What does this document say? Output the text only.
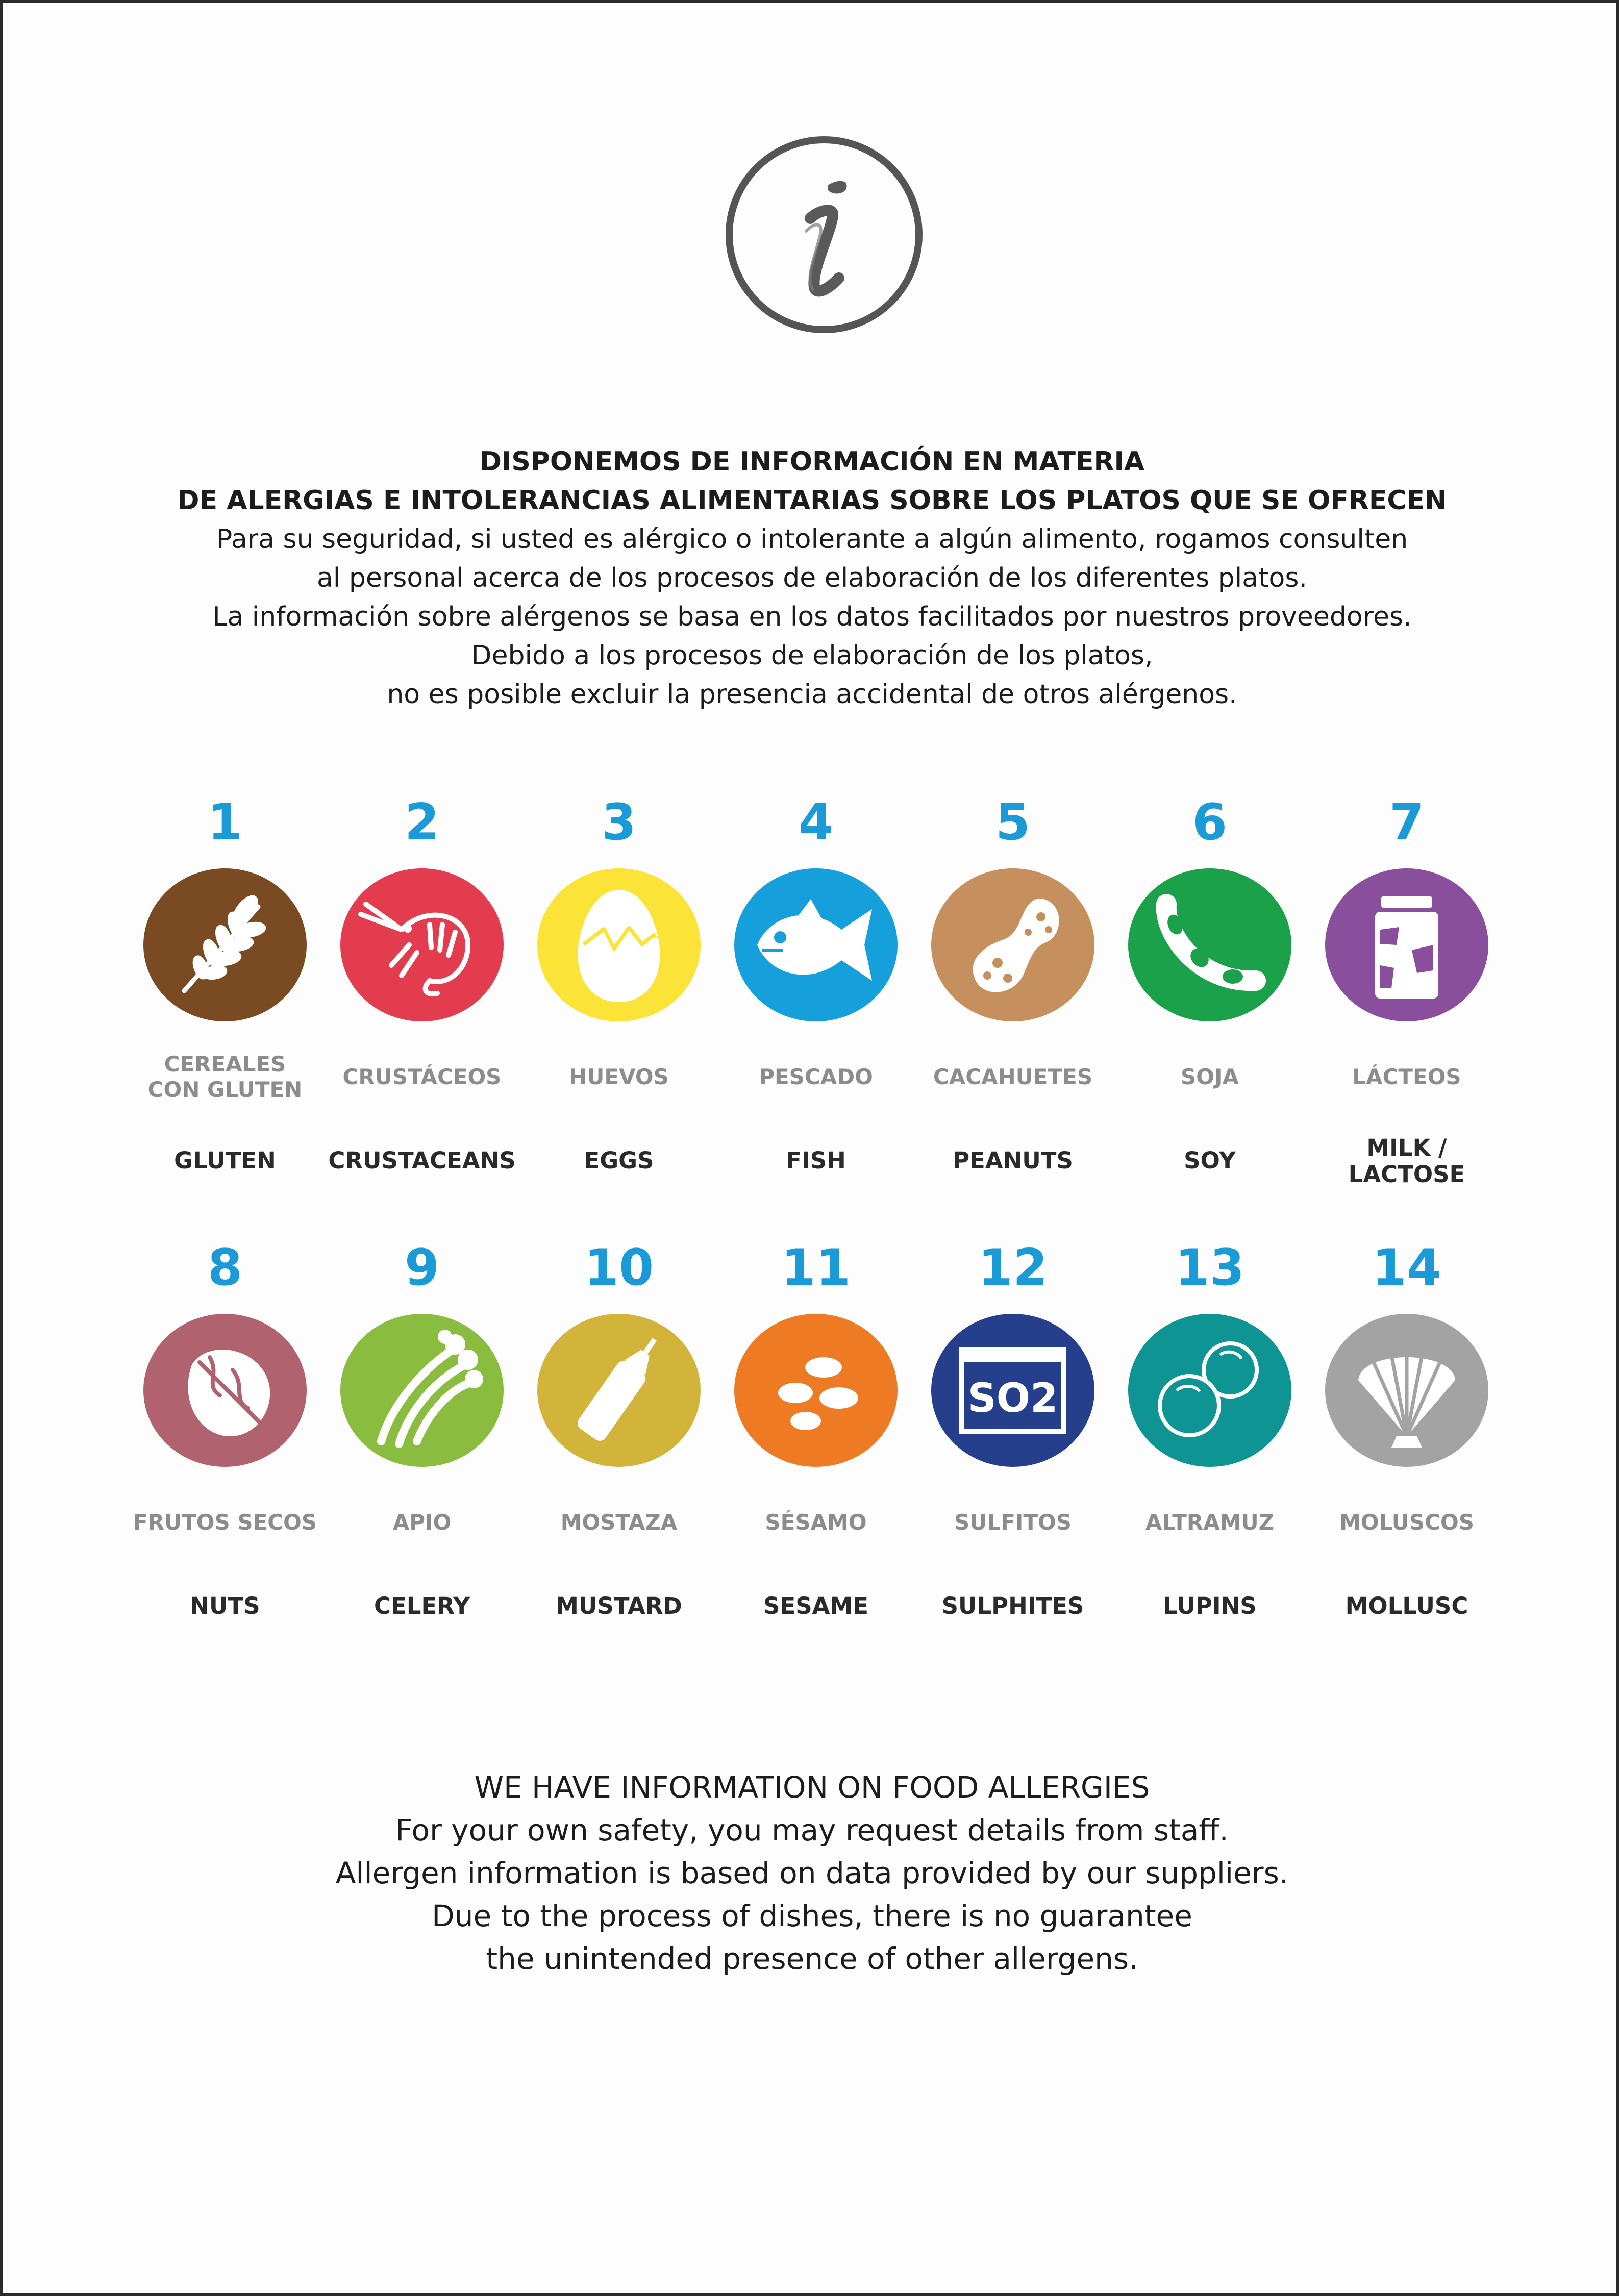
DISPONEMOS DE INFORMACIÓN EN MATERIA
DE ALERGIAS E INTOLERANCIAS ALIMENTARIAS SOBRE LOS PLATOS QUE SE OFRECEN
Para su seguridad, si usted es alérgico o intolerante a algún alimento, rogamos consulten
al personal acerca de los procesos de elaboración de los diferentes platos.
La información sobre alérgenos se basa en los datos facilitados por nuestros proveedores.
Debido a los procesos de elaboración de los platos,
no es posible excluir la presencia accidental de otros alérgenos.
1
CEREALES
CON GLUTEN
GLUTEN
2
CRUSTÁCEOS
CRUSTACEANS
3
HUEVOS
EGGS
4
PESCADO
FISH
5
CACAHUETES
PEANUTS
6
SOJA
SOY
7
LÁCTEOS
MILK /
LACTOSE
8
FRUTOS SECOS
NUTS
9
APIO
CELERY
10
MOSTAZA
MUSTARD
11
SÉSAMO
SESAME
12
SO2
SULFITOS
SULPHITES
13
ALTRAMUZ
LUPINS
14
MOLUSCOS
MOLLUSC
WE HAVE INFORMATION ON FOOD ALLERGIES
For your own safety, you may request details from staff.
Allergen information is based on data provided by our suppliers.
Due to the process of dishes, there is no guarantee
the unintended presence of other allergens.
